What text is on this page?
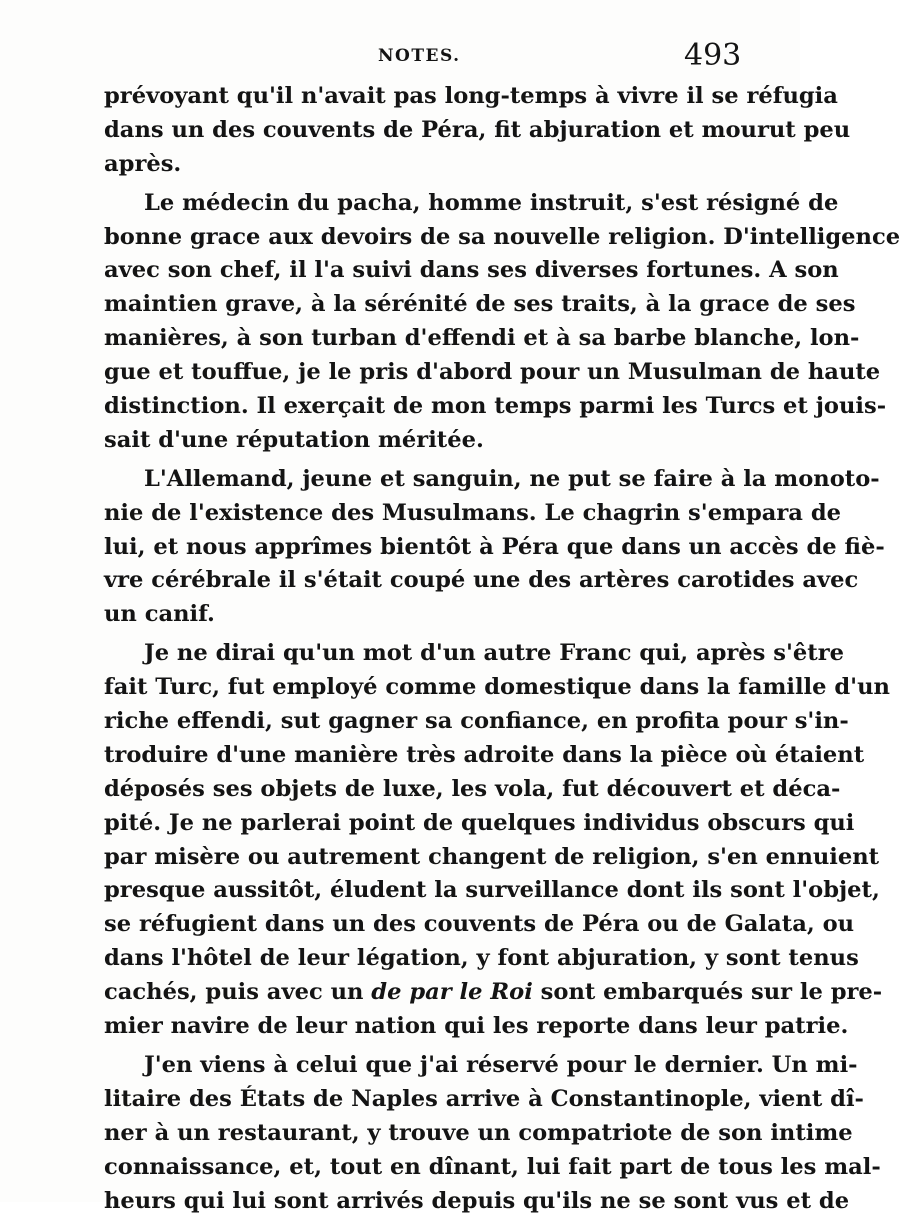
NOTES.	493
prévoyant qu'il n'avait pas long-temps à vivre il se réfugia
dans un des couvents de Péra, fit abjuration et mourut peu
après.
Le médecin du pacha, homme instruit, s'est résigné de
bonne grace aux devoirs de sa nouvelle religion. D'intelligence
avec son chef, il l'a suivi dans ses diverses fortunes. A son
maintien grave, à la sérénité de ses traits, à la grace de ses
manières, à son turban d'effendi et à sa barbe blanche, lon-
gue et touffue, je le pris d'abord pour un Musulman de haute
distinction. Il exerçait de mon temps parmi les Turcs et jouis-
sait d'une réputation méritée.
L'Allemand, jeune et sanguin, ne put se faire à la monoto-
nie de l'existence des Musulmans. Le chagrin s'empara de
lui, et nous apprîmes bientôt à Péra que dans un accès de fiè-
vre cérébrale il s'était coupé une des artères carotides avec
un canif.
Je ne dirai qu'un mot d'un autre Franc qui, après s'être
fait Turc, fut employé comme domestique dans la famille d'un
riche effendi, sut gagner sa confiance, en profita pour s'in-
troduire d'une manière très adroite dans la pièce où étaient
déposés ses objets de luxe, les vola, fut découvert et déca-
pité. Je ne parlerai point de quelques individus obscurs qui
par misère ou autrement changent de religion, s'en ennuient
presque aussitôt, éludent la surveillance dont ils sont l'objet,
se réfugient dans un des couvents de Péra ou de Galata, ou
dans l'hôtel de leur légation, y font abjuration, y sont tenus
cachés, puis avec un de par le Roi sont embarqués sur le pre-
mier navire de leur nation qui les reporte dans leur patrie.
J'en viens à celui que j'ai réservé pour le dernier. Un mi-
litaire des États de Naples arrive à Constantinople, vient dî-
ner à un restaurant, y trouve un compatriote de son intime
connaissance, et, tout en dînant, lui fait part de tous les mal-
heurs qui lui sont arrivés depuis qu'ils ne se sont vus et de
